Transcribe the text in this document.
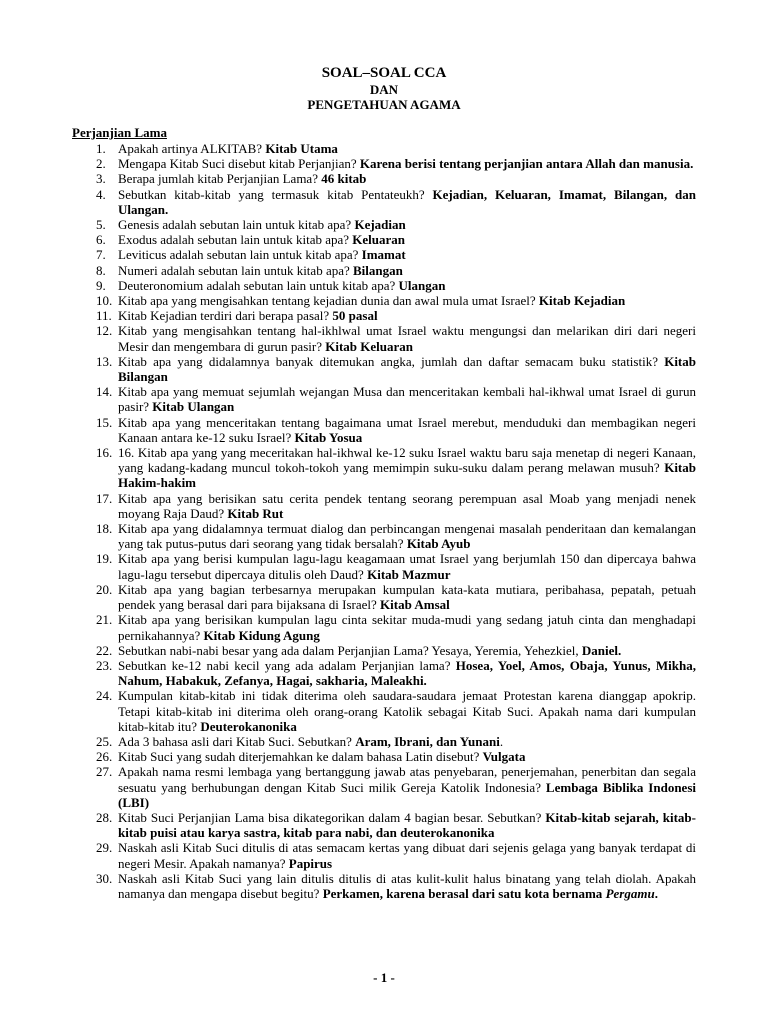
SOAL–SOAL CCA
DAN
PENGETAHUAN AGAMA
Perjanjian Lama
1. Apakah artinya ALKITAB? Kitab Utama
2. Mengapa Kitab Suci disebut kitab Perjanjian? Karena berisi tentang perjanjian antara Allah dan manusia.
3. Berapa jumlah kitab Perjanjian Lama? 46 kitab
4. Sebutkan kitab-kitab yang termasuk kitab Pentateukh? Kejadian, Keluaran, Imamat, Bilangan, dan Ulangan.
5. Genesis adalah sebutan lain untuk kitab apa? Kejadian
6. Exodus adalah sebutan lain untuk kitab apa? Keluaran
7. Leviticus adalah sebutan lain untuk kitab apa? Imamat
8. Numeri adalah sebutan lain untuk kitab apa? Bilangan
9. Deuteronomium adalah sebutan lain untuk kitab apa? Ulangan
10. Kitab apa yang mengisahkan tentang kejadian dunia dan awal mula umat Israel? Kitab Kejadian
11. Kitab Kejadian terdiri dari berapa pasal? 50 pasal
12. Kitab yang mengisahkan tentang hal-ikhlwal umat Israel waktu mengungsi dan melarikan diri dari negeri Mesir dan mengembara di gurun pasir? Kitab Keluaran
13. Kitab apa yang didalamnya banyak ditemukan angka, jumlah dan daftar semacam buku statistik? Kitab Bilangan
14. Kitab apa yang memuat sejumlah wejangan Musa dan menceritakan kembali hal-ikhwal umat Israel di gurun pasir? Kitab Ulangan
15. Kitab apa yang menceritakan tentang bagaimana umat Israel merebut, menduduki dan membagikan negeri Kanaan antara ke-12 suku Israel? Kitab Yosua
16. 16. Kitab apa yang yang meceritakan hal-ikhwal ke-12 suku Israel waktu baru saja menetap di negeri Kanaan, yang kadang-kadang muncul tokoh-tokoh yang memimpin suku-suku dalam perang melawan musuh? Kitab Hakim-hakim
17. Kitab apa yang berisikan satu cerita pendek tentang seorang perempuan asal Moab yang menjadi nenek moyang Raja Daud? Kitab Rut
18. Kitab apa yang didalamnya termuat dialog dan perbincangan mengenai masalah penderitaan dan kemalangan yang tak putus-putus dari seorang yang tidak bersalah? Kitab Ayub
19. Kitab apa yang berisi kumpulan lagu-lagu keagamaan umat Israel yang berjumlah 150 dan dipercaya bahwa lagu-lagu tersebut dipercaya ditulis oleh Daud? Kitab Mazmur
20. Kitab apa yang bagian terbesarnya merupakan kumpulan kata-kata mutiara, peribahasa, pepatah, petuah pendek yang berasal dari para bijaksana di Israel? Kitab Amsal
21. Kitab apa yang berisikan kumpulan lagu cinta sekitar muda-mudi yang sedang jatuh cinta dan menghadapi pernikahannya? Kitab Kidung Agung
22. Sebutkan nabi-nabi besar yang ada dalam Perjanjian Lama? Yesaya, Yeremia, Yehezkiel, Daniel.
23. Sebutkan ke-12 nabi kecil yang ada adalam Perjanjian lama? Hosea, Yoel, Amos, Obaja, Yunus, Mikha, Nahum, Habakuk, Zefanya, Hagai, sakharia, Maleakhi.
24. Kumpulan kitab-kitab ini tidak diterima oleh saudara-saudara jemaat Protestan karena dianggap apokrip. Tetapi kitab-kitab ini diterima oleh orang-orang Katolik sebagai Kitab Suci. Apakah nama dari kumpulan kitab-kitab itu? Deuterokanonika
25. Ada 3 bahasa asli dari Kitab Suci. Sebutkan? Aram, Ibrani, dan Yunani.
26. Kitab Suci yang sudah diterjemahkan ke dalam bahasa Latin disebut? Vulgata
27. Apakah nama resmi lembaga yang bertanggung jawab atas penyebaran, penerjemahan, penerbitan dan segala sesuatu yang berhubungan dengan Kitab Suci milik Gereja Katolik Indonesia? Lembaga Biblika Indonesi (LBI)
28. Kitab Suci Perjanjian Lama bisa dikategorikan dalam 4 bagian besar. Sebutkan? Kitab-kitab sejarah, kitab-kitab puisi atau karya sastra, kitab para nabi, dan deuterokanonika
29. Naskah asli Kitab Suci ditulis di atas semacam kertas yang dibuat dari sejenis gelaga yang banyak terdapat di negeri Mesir. Apakah namanya? Papirus
30. Naskah asli Kitab Suci yang lain ditulis ditulis di atas kulit-kulit halus binatang yang telah diolah. Apakah namanya dan mengapa disebut begitu? Perkamen, karena berasal dari satu kota bernama Pergamu.
- 1 -
